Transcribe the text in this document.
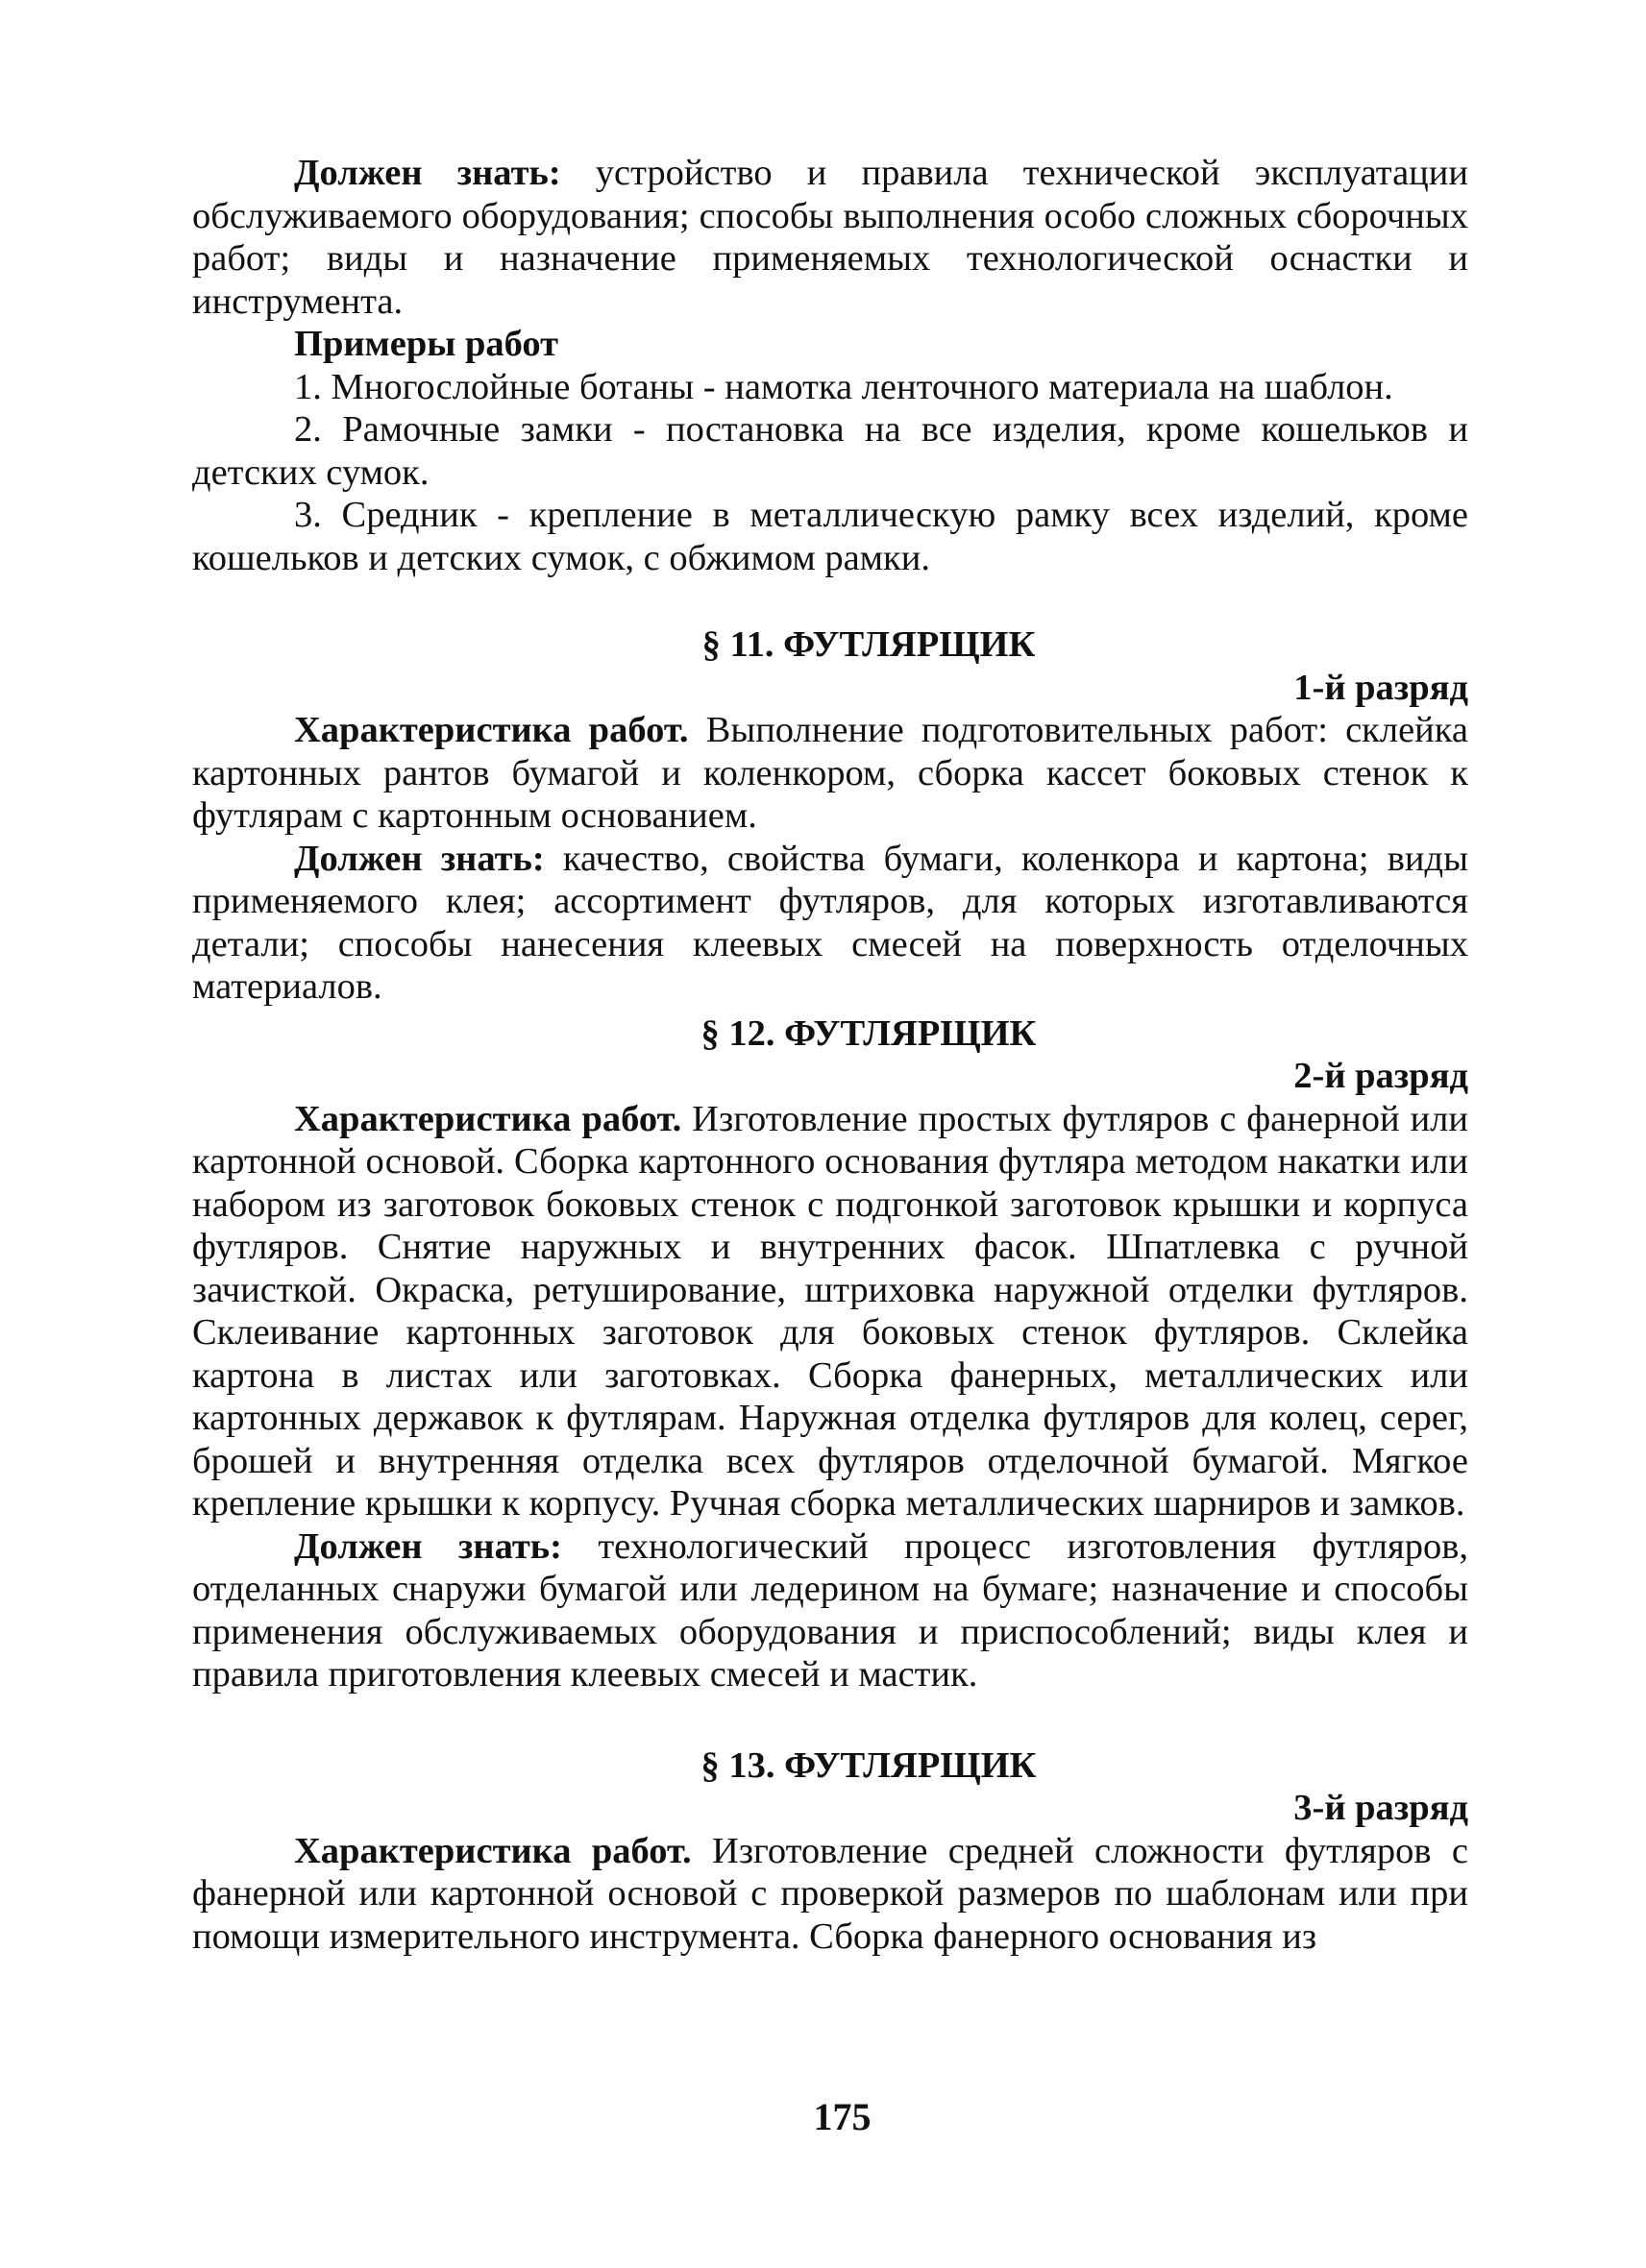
Должен знать: устройство и правила технической эксплуатации обслуживаемого оборудования; способы выполнения особо сложных сборочных работ; виды и назначение применяемых технологической оснастки и инструмента.

Примеры работ

1. Многослойные ботаны - намотка ленточного материала на шаблон.

2. Рамочные замки - постановка на все изделия, кроме кошельков и детских сумок.

3. Средник - крепление в металлическую рамку всех изделий, кроме кошельков и детских сумок, с обжимом рамки.

§ 11. ФУТЛЯРЩИК
1-й разряд

Характеристика работ. Выполнение подготовительных работ: склейка картонных рантов бумагой и коленкором, сборка кассет боковых стенок к футлярам с картонным основанием.

Должен знать: качество, свойства бумаги, коленкора и картона; виды применяемого клея; ассортимент футляров, для которых изготавливаются детали; способы нанесения клеевых смесей на поверхность отделочных материалов.

§ 12. ФУТЛЯРЩИК
2-й разряд

Характеристика работ. Изготовление простых футляров с фанерной или картонной основой. Сборка картонного основания футляра методом накатки или набором из заготовок боковых стенок с подгонкой заготовок крышки и корпуса футляров. Снятие наружных и внутренних фасок. Шпатлевка с ручной зачисткой. Окраска, ретуширование, штриховка наружной отделки футляров. Склеивание картонных заготовок для боковых стенок футляров. Склейка картона в листах или заготовках. Сборка фанерных, металлических или картонных державок к футлярам. Наружная отделка футляров для колец, серег, брошей и внутренняя отделка всех футляров отделочной бумагой. Мягкое крепление крышки к корпусу. Ручная сборка металлических шарниров и замков.

Должен знать: технологический процесс изготовления футляров, отделанных снаружи бумагой или ледерином на бумаге; назначение и способы применения обслуживаемых оборудования и приспособлений; виды клея и правила приготовления клеевых смесей и мастик.

§ 13. ФУТЛЯРЩИК
3-й разряд

Характеристика работ. Изготовление средней сложности футляров с фанерной или картонной основой с проверкой размеров по шаблонам или при помощи измерительного инструмента. Сборка фанерного основания из

175
